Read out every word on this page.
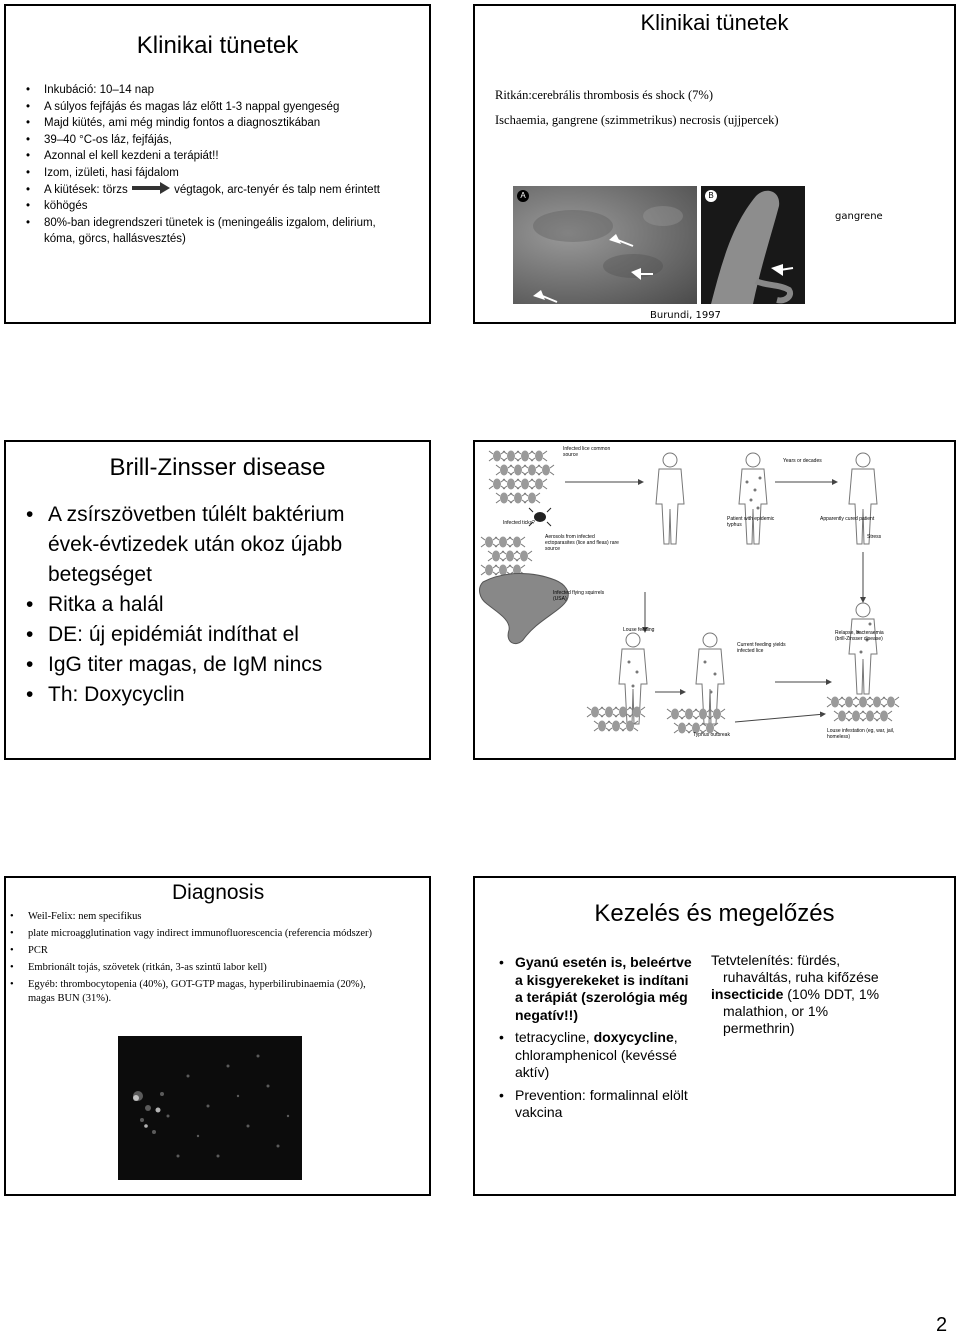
Klinikai tünetek
• Inkubáció: 10–14 nap
• A súlyos fejfájás és magas láz előtt 1-3 nappal gyengeség
• Majd kiütés, ami még mindig fontos a diagnosztikában
• 39–40 °C-os láz, fejfájás,
• Azonnal el kell kezdeni a terápiát!!
• Izom, izületi, hasi fájdalom
• A kiütések: törzs	végtagok, arc-tenyér és talp nem érintett
• köhögés
• 80%-ban idegrendszeri tünetek is (meningeális izgalom, delirium, kóma, görcs, hallásvesztés)
Klinikai tünetek
Ritkán:cerebrális thrombosis és shock (7%)
Ischaemia, gangrene (szimmetrikus) necrosis (ujjpercek)
A	B
gangrene
Burundi, 1997
Brill-Zinsser disease
• A zsírszövetben túlélt baktérium évek-évtizedek után okoz újabb betegséget
• Ritka a halál
• DE: új epidémiát indíthat el
• IgG titer magas, de IgM nincs
• Th: Doxycyclin
Infected lice common source
Years or decades
Infected ticks?
Aerosols from infected ectoparasites (lice and fleas) rare source
Patient with epidemic typhus
Apparently cured patient
Stress
Infected flying squirrels (USA)
Louse feeding	Relapse, bacteraemia (brill-Zinsser disease)
Current feeding yields infected lice
Typhus outbreak
Louse infestation (eg, war, jail, homeless)
Diagnosis
• Weil-Felix: nem specifikus
• plate microagglutination vagy indirect immunofluorescencia (referencia módszer)
• PCR
• Embrionált tojás, szövetek (ritkán, 3-as szintű labor kell)
• Egyéb: thrombocytopenia (40%), GOT-GTP magas, hyperbilirubinaemia (20%), magas BUN (31%).
Kezelés és megelőzés
• Gyanú esetén is, beleértve a kisgyerekeket is indítani a terápiát (szerológia még negatív!!)
• tetracycline, doxycycline, chloramphenicol (kevéssé aktív)
• Prevention: formalinnal elölt vakcina
Tetvtelenítés: fürdés, ruhaváltás, ruha kifőzése
insecticide (10% DDT, 1% malathion, or 1% permethrin)
2
